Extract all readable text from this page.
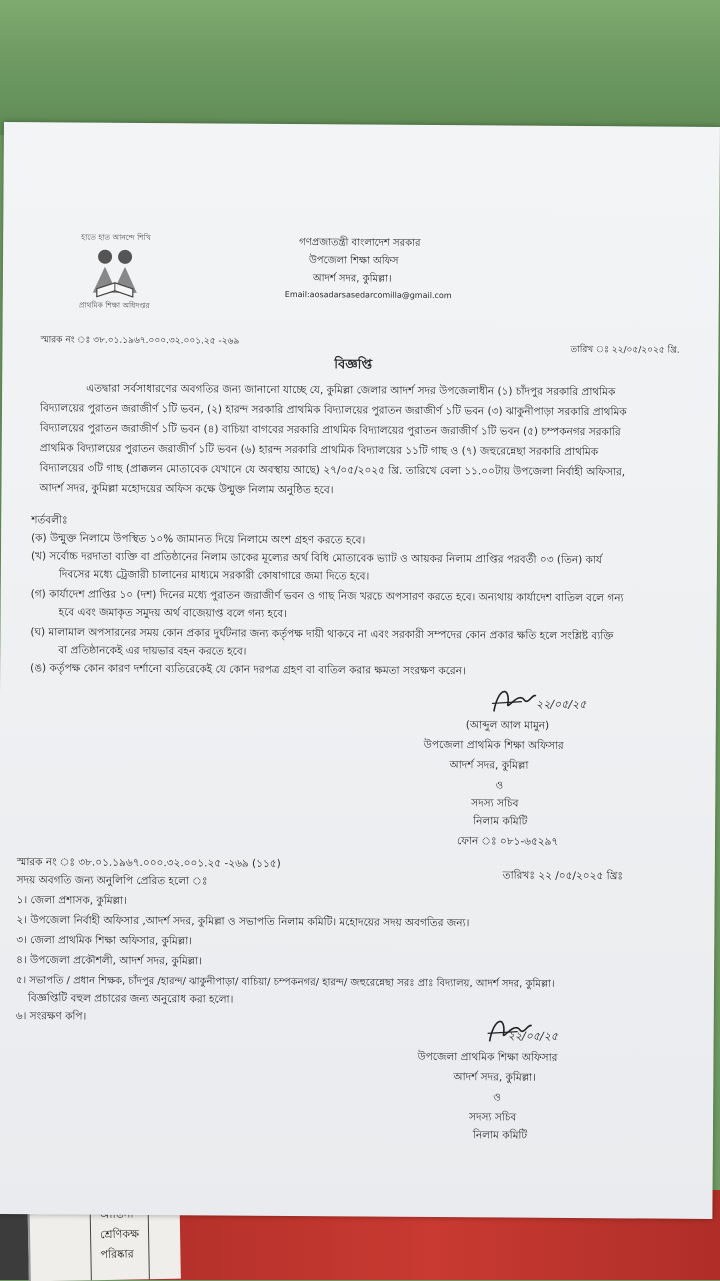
শ্রেণিকক্ষ
পরিষ্কার
হাতে হাত আনন্দে শিখি
প্রাথমিক শিক্ষা অধিদপ্তর
গণপ্রজাতন্ত্রী বাংলাদেশ সরকার
উপজেলা শিক্ষা অফিস
আদর্শ সদর, কুমিল্লা।
Email:aosadarsasedarcomilla@gmail.com
স্মারক নং ঃ ৩৮.০১.১৯৬৭.০০০.৩২.০০১.২৫ -২৬৯
তারিখ ঃ ২২/০৫/২০২৫ খ্রি.
বিজ্ঞপ্তি
এতদ্বারা সর্বসাধারণের অবগতির জন্য জানানো যাচ্ছে যে, কুমিল্লা জেলার আদর্শ সদর উপজেলাধীন (১) চাঁদপুর সরকারি প্রাথমিক
বিদ্যালয়ের পুরাতন জরাজীর্ণ ১টি ভবন, (২) হারন্দ সরকারি প্রাথমিক বিদ্যালয়ের পুরাতন জরাজীর্ণ ১টি ভবন (৩) ঝাকুনীপাড়া সরকারি প্রাথমিক
বিদ্যালয়ের পুরাতন জরাজীর্ণ ১টি ভবন (৪) বাচিয়া বাগবের সরকারি প্রাথমিক বিদ্যালয়ের পুরাতন জরাজীর্ণ ১টি ভবন (৫) চম্পকনগর সরকারি
প্রাথমিক বিদ্যালয়ের পুরাতন জরাজীর্ণ ১টি ভবন (৬) হারন্দ সরকারি প্রাথমিক বিদ্যালয়ের ১১টি গাছ ও (৭) জহুরেন্নেছা সরকারি প্রাথমিক
বিদ্যালয়ের ৩টি গাছ (প্রাক্কলন মোতাবেক যেখানে যে অবস্থায় আছে) ২৭/০৫/২০২৫ খ্রি. তারিখে বেলা ১১.০০টায় উপজেলা নির্বাহী অফিসার,
আদর্শ সদর, কুমিল্লা মহোদয়ের অফিস কক্ষে উন্মুক্ত নিলাম অনুষ্ঠিত হবে।
শর্তবলীঃ
(ক) উন্মুক্ত নিলামে উপস্থিত ১০% জামানত দিয়ে নিলামে অংশ গ্রহণ করতে হবে।
(খ) সর্বোচ্চ দরদাতা ব্যক্তি বা প্রতিষ্ঠানের নিলাম ডাকের মূল্যের অর্থ বিধি মোতাবেক ভ্যাট ও আয়কর নিলাম প্রাপ্তির পরবর্তী ০৩ (তিন) কার্য
দিবসের মধ্যে ট্রেজারী চালানের মাধ্যমে সরকারী কোষাগারে জমা দিতে হবে।
(গ) কার্যাদেশ প্রাপ্তির ১০ (দশ) দিনের মধ্যে পুরাতন জরাজীর্ণ ভবন ও গাছ নিজ খরচে অপসারণ করতে হবে। অন্যথায় কার্যাদেশ বাতিল বলে গন্য
হবে এবং জমাকৃত সমুদয় অর্থ বাজেয়াপ্ত বলে গন্য হবে।
(ঘ) মালামাল অপসারনের সময় কোন প্রকার দুর্ঘটনার জন্য কর্তৃপক্ষ দায়ী থাকবে না এবং সরকারী সম্পদের কোন প্রকার ক্ষতি হলে সংশ্লিষ্ট ব্যক্তি
বা প্রতিষ্ঠানকেই এর দায়ভার বহন করতে হবে।
(ঙ) কর্তৃপক্ষ কোন কারণ দর্শানো ব্যতিরেকেই যে কোন দরপত্র গ্রহণ বা বাতিল করার ক্ষমতা সংরক্ষণ করেন।
২২/০৫/২৫
(আব্দুল আল মামুন)
উপজেলা প্রাথমিক শিক্ষা অফিসার
আদর্শ সদর, কুমিল্লা
ও
সদস্য সচিব
নিলাম কমিটি
ফোন ঃ ০৮১-৬৫২৯৭
স্মারক নং ঃ ৩৮.০১.১৯৬৭.০০০.৩২.০০১.২৫ -২৬৯ (১১৫)
তারিখঃ ২২ /০৫/২০২৫ খ্রিঃ
সদয় অবগতি জন্য অনুলিপি প্রেরিত হলো ঃ
১। জেলা প্রশাসক, কুমিল্লা।
২। উপজেলা নির্বাহী অফিসার ,আদর্শ সদর, কুমিল্লা ও সভাপতি নিলাম কমিটি। মহোদয়ের সদয় অবগতির জন্য।
৩। জেলা প্রাথমিক শিক্ষা অফিসার, কুমিল্লা।
৪। উপজেলা প্রকৌশলী, আদর্শ সদর, কুমিল্লা।
৫। সভাপতি / প্রধান শিক্ষক, চাঁদপুর /হারন্দ/ ঝাকুনীপাড়া/ বাচিয়া/ চম্পকনগর/ হারন্দ/ জহুরেন্নেছা সরঃ প্রাঃ বিদ্যালয়, আদর্শ সদর, কুমিল্লা।
বিজ্ঞপ্তিটি বহুল প্রচারের জন্য অনুরোধ করা হলো।
৬। সংরক্ষণ কপি।
২২/০৫/২৫
উপজেলা প্রাথমিক শিক্ষা অফিসার
আদর্শ সদর, কুমিল্লা।
ও
সদস্য সচিব
নিলাম কমিটি
